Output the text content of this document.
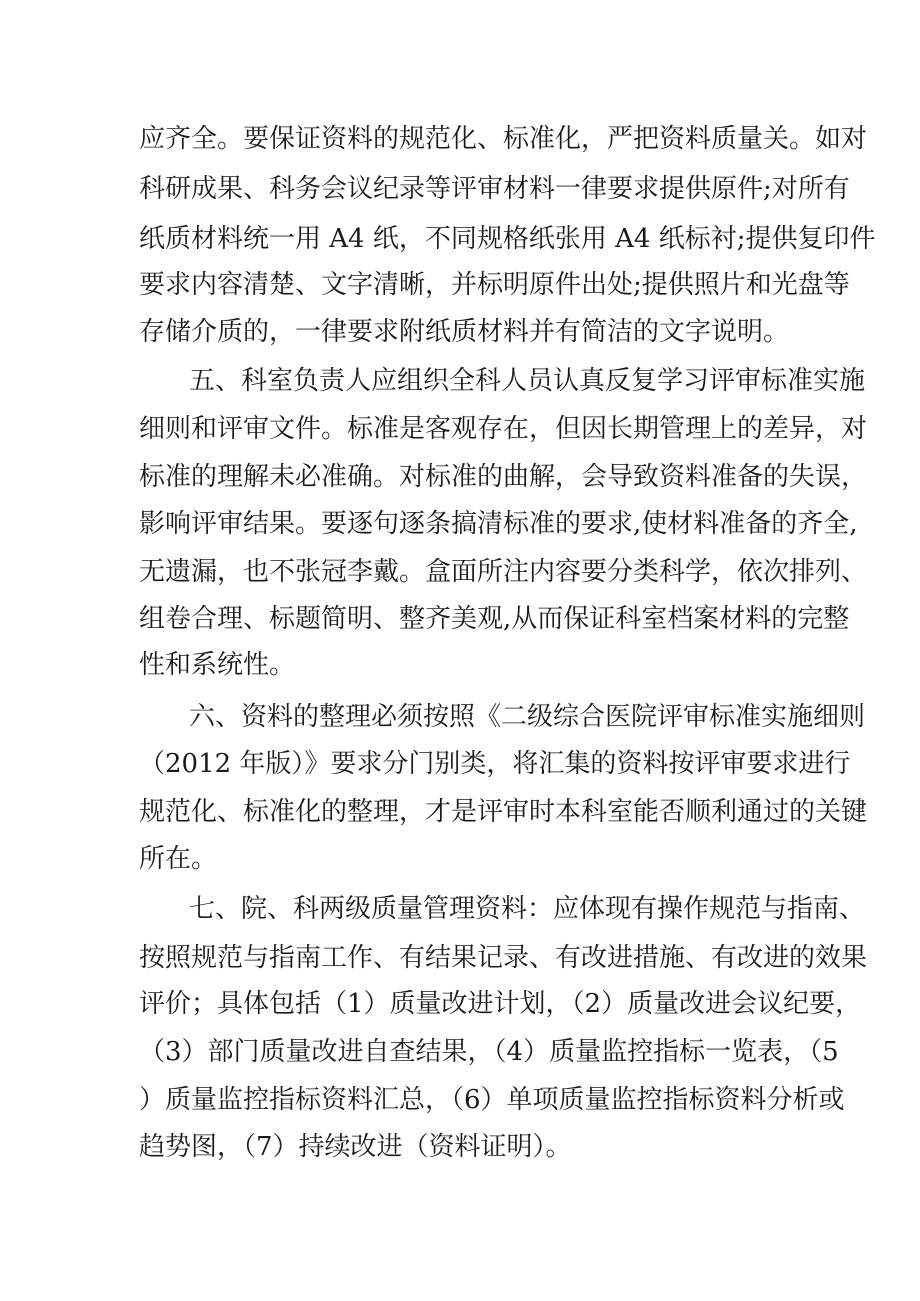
应齐全。要保证资料的规范化、标准化，严把资料质量关。如对

科研成果、科务会议纪录等评审材料一律要求提供原件;对所有

纸质材料统一用 A4 纸，不同规格纸张用 A4 纸标衬;提供复印件

要求内容清楚、文字清晰，并标明原件出处;提供照片和光盘等

存储介质的，一律要求附纸质材料并有简洁的文字说明。

五、科室负责人应组织全科人员认真反复学习评审标准实施

细则和评审文件。标准是客观存在，但因长期管理上的差异，对

标准的理解未必准确。对标准的曲解，会导致资料准备的失误，

影响评审结果。要逐句逐条搞清标准的要求,使材料准备的齐全,

无遗漏，也不张冠李戴。盒面所注内容要分类科学，依次排列、

组卷合理、标题简明、整齐美观,从而保证科室档案材料的完整

性和系统性。

六、资料的整理必须按照《二级综合医院评审标准实施细则

（2012 年版）》要求分门别类，将汇集的资料按评审要求进行

规范化、标准化的整理，才是评审时本科室能否顺利通过的关键

所在。

七、院、科两级质量管理资料：应体现有操作规范与指南、

按照规范与指南工作、有结果记录、有改进措施、有改进的效果

评价；具体包括（1）质量改进计划，（2）质量改进会议纪要，

（3）部门质量改进自查结果，（4）质量监控指标一览表，（5

）质量监控指标资料汇总，（6）单项质量监控指标资料分析或

趋势图，（7）持续改进（资料证明）。
